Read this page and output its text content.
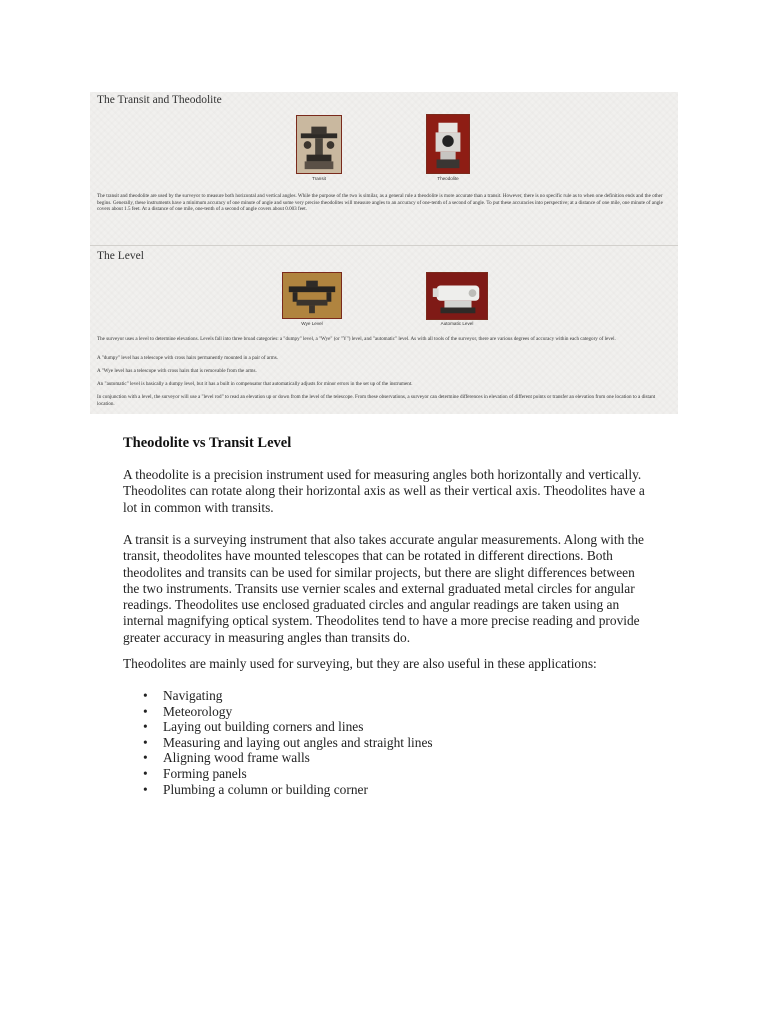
The Transit and Theodolite
Transit	Theodolite
The transit and theodolite are used by the surveyor to measure both horizontal and vertical angles. While the purpose of the two is similar, as a general rule a theodolite is more accurate than a transit. However, there is no specific rule as to when one definition ends and the other begins. Generally, these instruments have a minimum accuracy of one minute of angle and some very precise theodolites will measure angles to an accuracy of one-tenth of a second of angle. To put these accuracies into perspective; at a distance of one mile, one minute of angle covers about 1.5 feet. At a distance of one mile, one-tenth of a second of angle covers about 0.003 feet.
The Level
Wye Level	Automatic Level
The surveyor uses a level to determine elevations. Levels fall into three broad categories: a "dumpy" level, a "Wye" (or "Y") level, and "automatic" level. As with all tools of the surveyor, there are various degrees of accuracy within each category of level.
A "dumpy" level has a telescope with cross hairs permanently mounted in a pair of arms.
A "Wye level has a telescope with cross hairs that is removable from the arms.
An "automatic" level is basically a dumpy level, but it has a built in compensator that automatically adjusts for minor errors in the set up of the instrument.
In conjunction with a level, the surveyor will use a "level rod" to read an elevation up or down from the level of the telescope. From these observations, a surveyor can determine differences in elevation of different points or transfer an elevation from one location to a distant location.
Theodolite vs Transit Level
A theodolite is a precision instrument used for measuring angles both horizontally and vertically. Theodolites can rotate along their horizontal axis as well as their vertical axis. Theodolites have a lot in common with transits.
A transit is a surveying instrument that also takes accurate angular measurements. Along with the transit, theodolites have mounted telescopes that can be rotated in different directions. Both theodolites and transits can be used for similar projects, but there are slight differences between the two instruments. Transits use vernier scales and external graduated metal circles for angular readings. Theodolites use enclosed graduated circles and angular readings are taken using an internal magnifying optical system. Theodolites tend to have a more precise reading and provide greater accuracy in measuring angles than transits do.
Theodolites are mainly used for surveying, but they are also useful in these applications:
• Navigating
• Meteorology
• Laying out building corners and lines
• Measuring and laying out angles and straight lines
• Aligning wood frame walls
• Forming panels
• Plumbing a column or building corner
